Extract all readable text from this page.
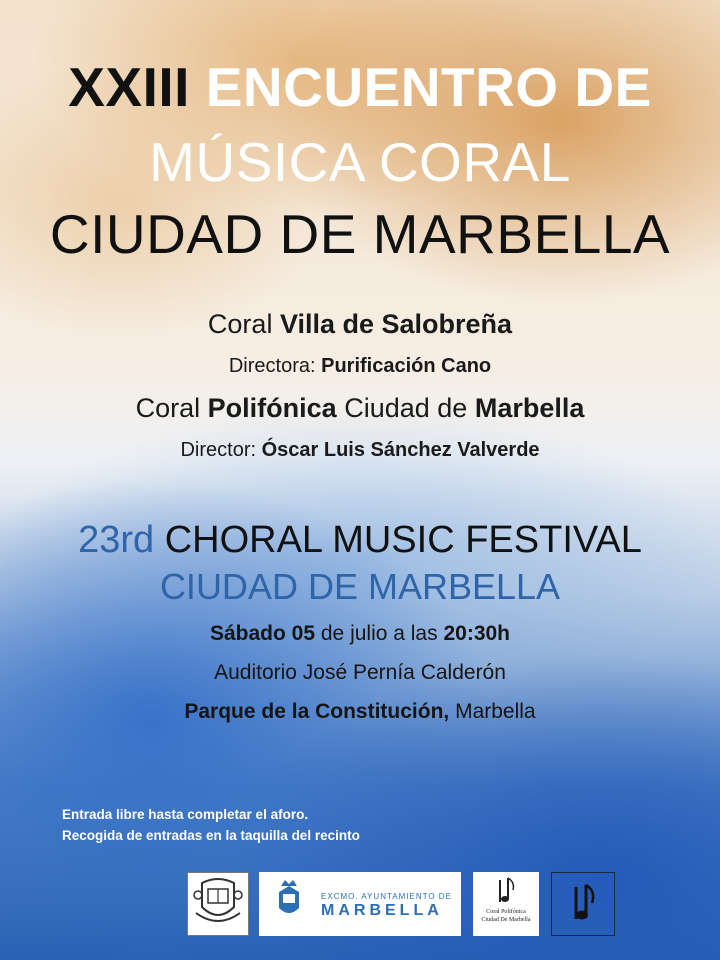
XXIII ENCUENTRO DE
MÚSICA CORAL
CIUDAD DE MARBELLA
Coral Villa de Salobreña
Directora: Purificación Cano
Coral Polifónica Ciudad de Marbella
Director: Óscar Luis Sánchez Valverde
23rd CHORAL MUSIC FESTIVAL
CIUDAD DE MARBELLA
Sábado 05 de julio a las 20:30h
Auditorio José Pernía Calderón
Parque de la Constitución, Marbella
Entrada libre hasta completar el aforo.
Recogida de entradas en la taquilla del recinto
EXCMO. AYUNTAMIENTO DE
MARBELLA	Coral Polifónica
Ciudad De Marbella
